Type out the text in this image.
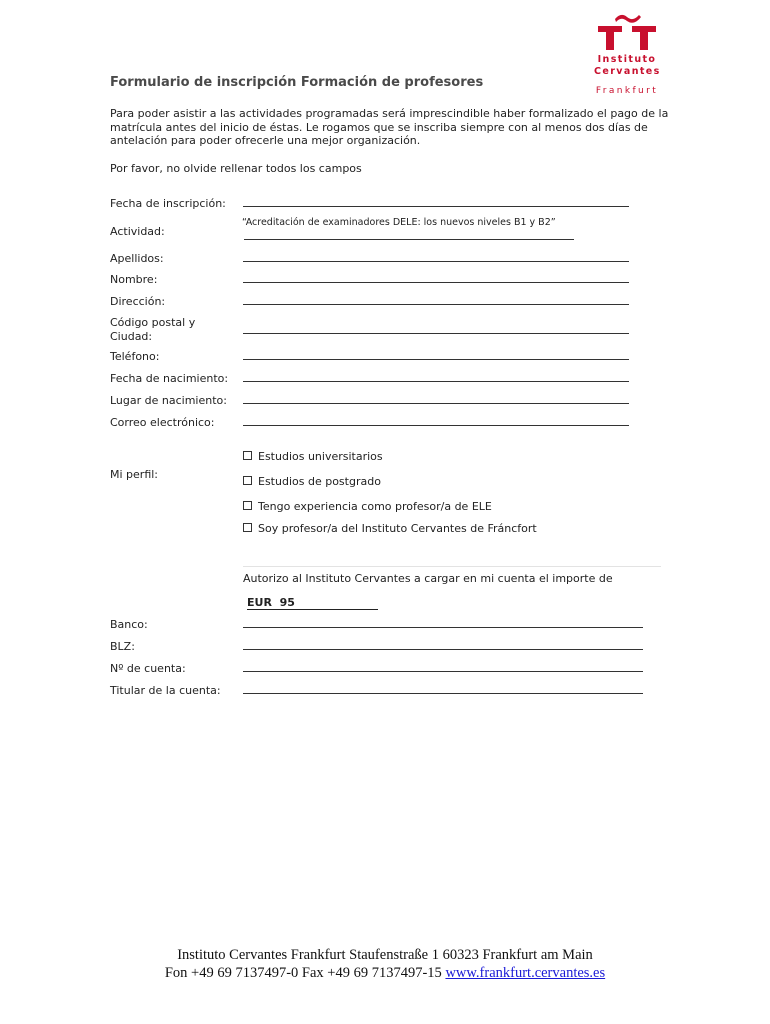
Instituto
Cervantes
Frankfurt
Formulario de inscripción Formación de profesores
Para poder asistir a las actividades programadas será imprescindible haber formalizado el pago de la matrícula antes del inicio de éstas. Le rogamos que se inscriba siempre con al menos dos días de antelación para poder ofrecerle una mejor organización.
Por favor, no olvide rellenar todos los campos
Fecha de inscripción:
Actividad:
“Acreditación de examinadores DELE: los nuevos niveles B1 y B2”
Apellidos:
Nombre:
Dirección:
Código postal y
Ciudad:
Teléfono:
Fecha de nacimiento:
Lugar de nacimiento:
Correo electrónico:
Mi perfil:
Estudios universitarios
Estudios de postgrado
Tengo experiencia como profesor/a de ELE
Soy profesor/a del Instituto Cervantes de Fráncfort
Autorizo al Instituto Cervantes a cargar en mi cuenta el importe de
EUR  95
Banco:
BLZ:
Nº de cuenta:
Titular de la cuenta:
Instituto Cervantes Frankfurt Staufenstraße 1 60323 Frankfurt am Main
Fon +49 69 7137497-0 Fax +49 69 7137497-15 www.frankfurt.cervantes.es
